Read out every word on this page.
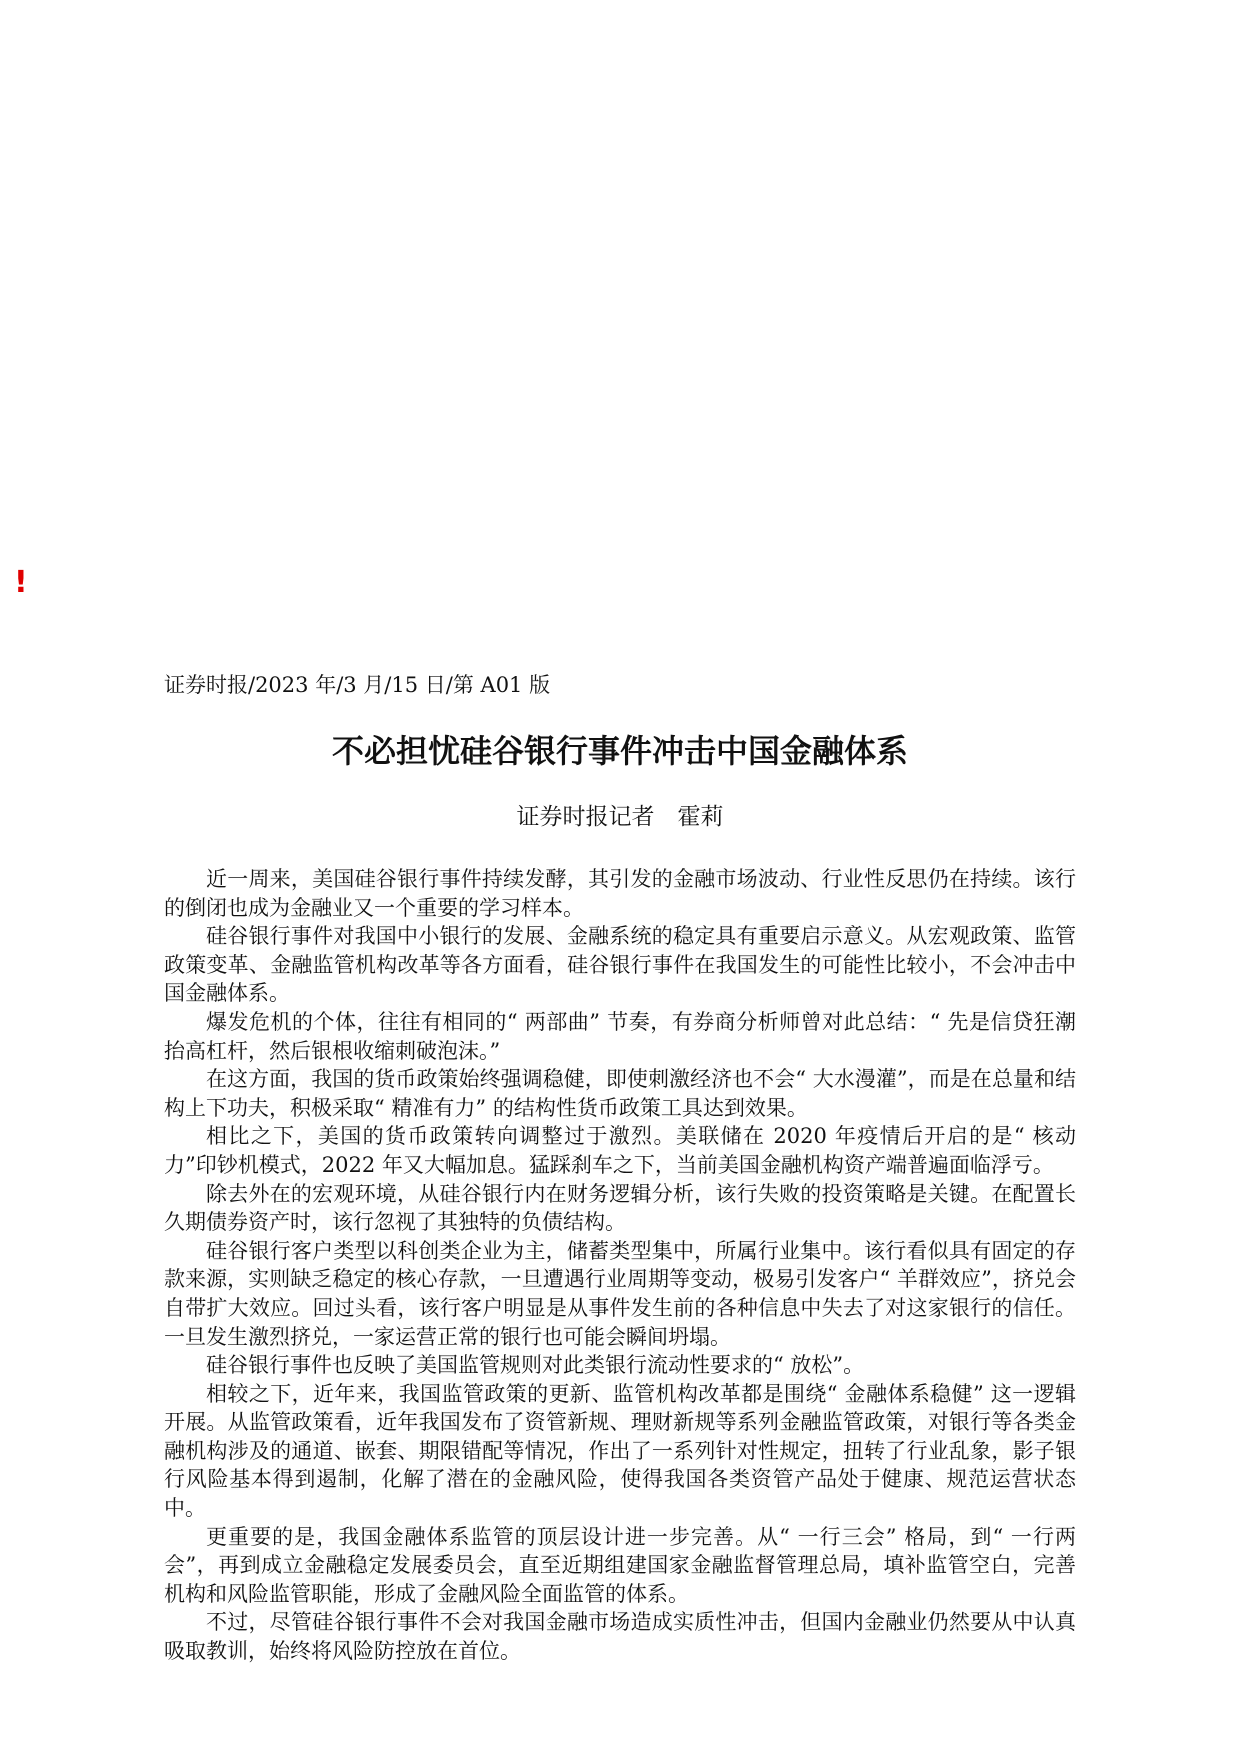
!
证券时报/2023 年/3 月/15 日/第 A01 版
不必担忧硅谷银行事件冲击中国金融体系
证券时报记者　霍莉

近一周来，美国硅谷银行事件持续发酵，其引发的金融市场波动、行业性反思仍在持续。该行的倒闭也成为金融业又一个重要的学习样本。

硅谷银行事件对我国中小银行的发展、金融系统的稳定具有重要启示意义。从宏观政策、监管政策变革、金融监管机构改革等各方面看，硅谷银行事件在我国发生的可能性比较小，不会冲击中国金融体系。

爆发危机的个体，往往有相同的“ 两部曲” 节奏，有券商分析师曾对此总结：“ 先是信贷狂潮抬高杠杆，然后银根收缩刺破泡沫。”

在这方面，我国的货币政策始终强调稳健，即使刺激经济也不会“ 大水漫灌”，而是在总量和结构上下功夫，积极采取“ 精准有力” 的结构性货币政策工具达到效果。

相比之下，美国的货币政策转向调整过于激烈。美联储在 2020 年疫情后开启的是“ 核动力”印钞机模式，2022 年又大幅加息。猛踩刹车之下，当前美国金融机构资产端普遍面临浮亏。

除去外在的宏观环境，从硅谷银行内在财务逻辑分析，该行失败的投资策略是关键。在配置长久期债券资产时，该行忽视了其独特的负债结构。

硅谷银行客户类型以科创类企业为主，储蓄类型集中，所属行业集中。该行看似具有固定的存款来源，实则缺乏稳定的核心存款，一旦遭遇行业周期等变动，极易引发客户“ 羊群效应”，挤兑会自带扩大效应。回过头看，该行客户明显是从事件发生前的各种信息中失去了对这家银行的信任。一旦发生激烈挤兑，一家运营正常的银行也可能会瞬间坍塌。

硅谷银行事件也反映了美国监管规则对此类银行流动性要求的“ 放松”。

相较之下，近年来，我国监管政策的更新、监管机构改革都是围绕“ 金融体系稳健” 这一逻辑开展。从监管政策看，近年我国发布了资管新规、理财新规等系列金融监管政策，对银行等各类金融机构涉及的通道、嵌套、期限错配等情况，作出了一系列针对性规定，扭转了行业乱象，影子银行风险基本得到遏制，化解了潜在的金融风险，使得我国各类资管产品处于健康、规范运营状态中。

更重要的是，我国金融体系监管的顶层设计进一步完善。从“ 一行三会” 格局，到“ 一行两会”，再到成立金融稳定发展委员会，直至近期组建国家金融监督管理总局，填补监管空白，完善机构和风险监管职能，形成了金融风险全面监管的体系。

不过，尽管硅谷银行事件不会对我国金融市场造成实质性冲击，但国内金融业仍然要从中认真吸取教训，始终将风险防控放在首位。
